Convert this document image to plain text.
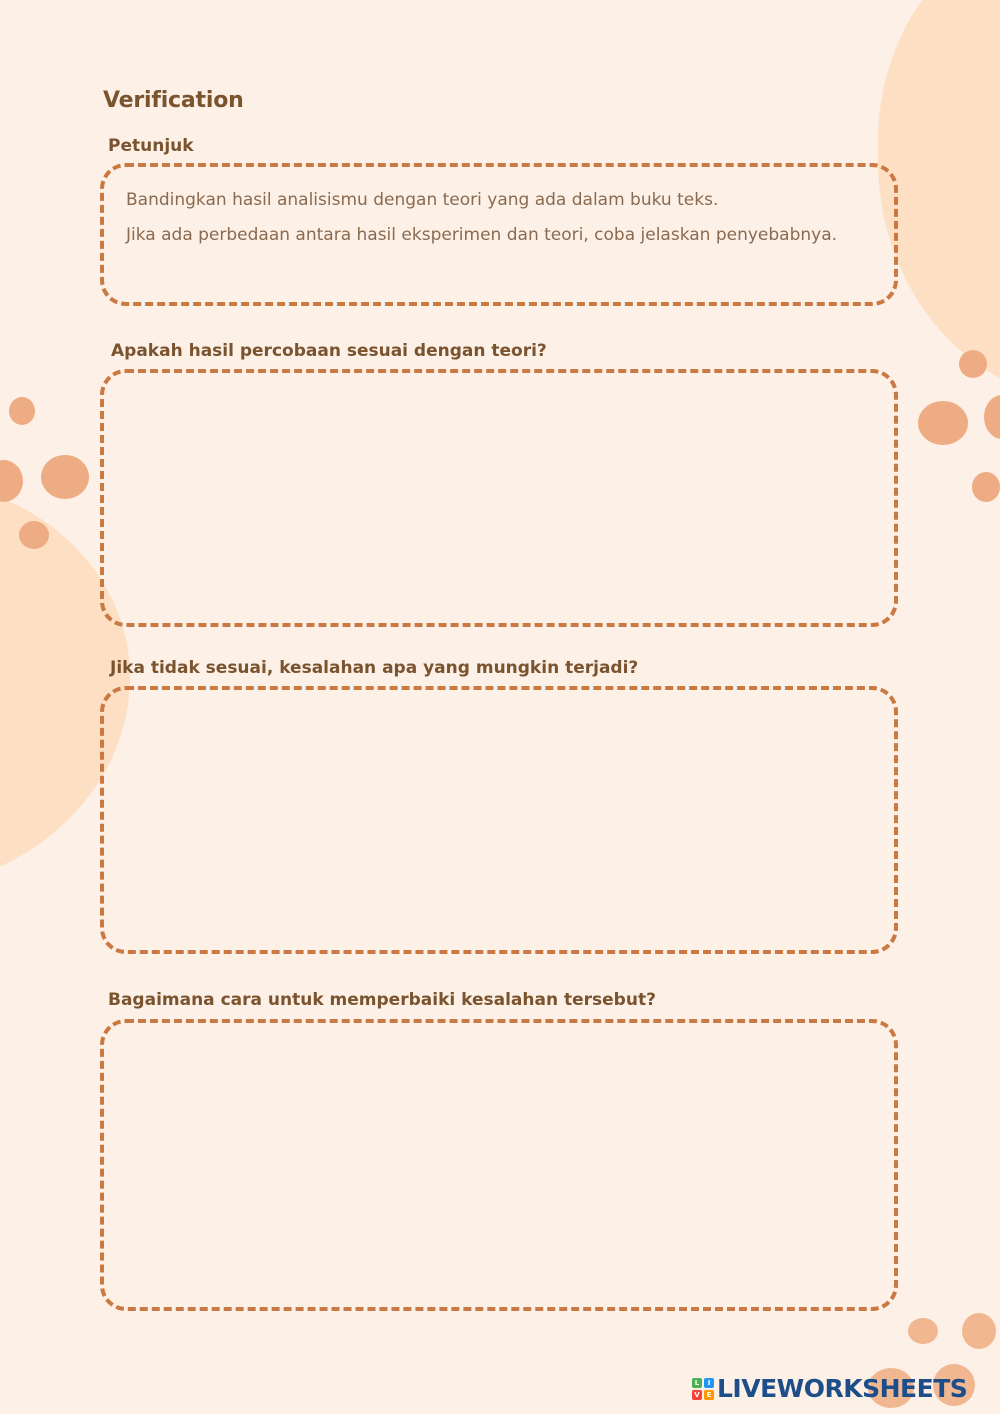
Verification
Petunjuk

Bandingkan hasil analisismu dengan teori yang ada dalam buku teks.

Jika ada perbedaan antara hasil eksperimen dan teori, coba jelaskan penyebabnya.

Apakah hasil percobaan sesuai dengan teori?
Jika tidak sesuai, kesalahan apa yang mungkin terjadi?
Bagaimana cara untuk memperbaiki kesalahan tersebut?
L	I
V E LIVEWORKSHEETS
